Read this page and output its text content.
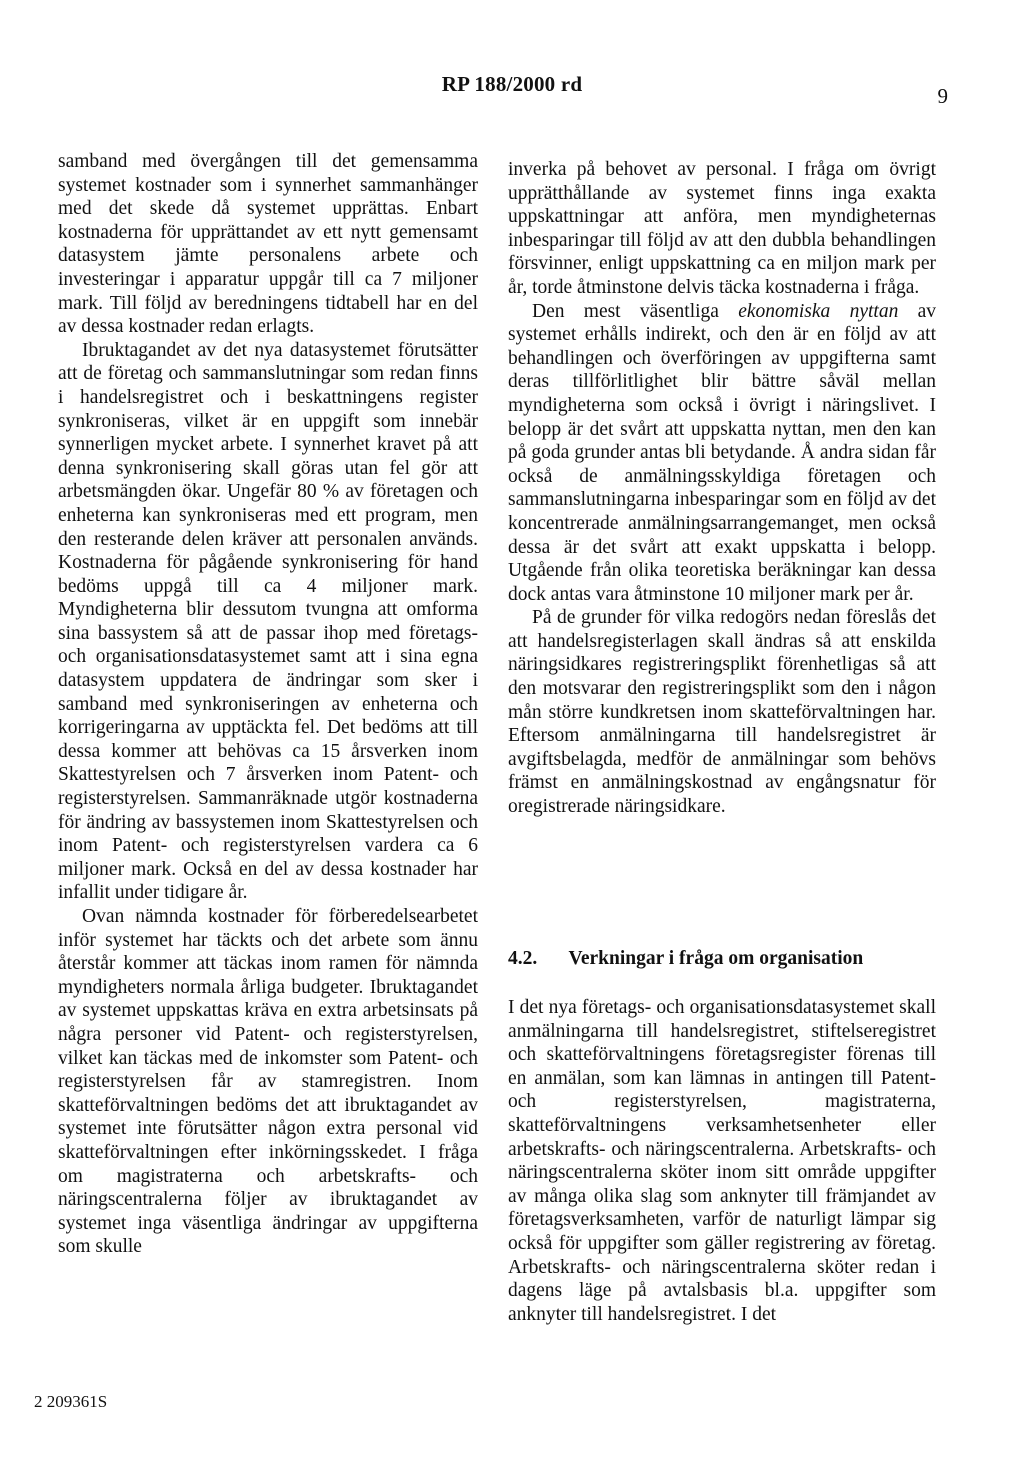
RP 188/2000 rd	9

samband med övergången till det gemensamma systemet kostnader som i synnerhet sammanhänger med det skede då systemet upprättas. Enbart kostnaderna för upprättandet av ett nytt gemensamt datasystem jämte personalens arbete och investeringar i apparatur uppgår till ca 7 miljoner mark. Till följd av beredningens tidtabell har en del av dessa kostnader redan erlagts.

Ibruktagandet av det nya datasystemet förutsätter att de företag och sammanslutningar som redan finns i handelsregistret och i beskattningens register synkroniseras, vilket är en uppgift som innebär synnerligen mycket arbete. I synnerhet kravet på att denna synkronisering skall göras utan fel gör att arbetsmängden ökar. Ungefär 80 % av företagen och enheterna kan synkroniseras med ett program, men den resterande delen kräver att personalen används. Kostnaderna för pågående synkronisering för hand bedöms uppgå till ca 4 miljoner mark. Myndigheterna blir dessutom tvungna att omforma sina bassystem så att de passar ihop med företags- och organisationsdatasystemet samt att i sina egna datasystem uppdatera de ändringar som sker i samband med synkroniseringen av enheterna och korrigeringarna av upptäckta fel. Det bedöms att till dessa kommer att behövas ca 15 årsverken inom Skattestyrelsen och 7 årsverken inom Patent- och registerstyrelsen. Sammanräknade utgör kostnaderna för ändring av bassystemen inom Skattestyrelsen och inom Patent- och registerstyrelsen vardera ca 6 miljoner mark. Också en del av dessa kostnader har infallit under tidigare år.

Ovan nämnda kostnader för förberedelsearbetet inför systemet har täckts och det arbete som ännu återstår kommer att täckas inom ramen för nämnda myndigheters normala årliga budgeter. Ibruktagandet av systemet uppskattas kräva en extra arbetsinsats på några personer vid Patent- och registerstyrelsen, vilket kan täckas med de inkomster som Patent- och registerstyrelsen får av stamregistren. Inom skatteförvaltningen bedöms det att ibruktagandet av systemet inte förutsätter någon extra personal vid skatteförvaltningen efter inkörningsskedet. I fråga om magistraterna och arbetskrafts- och näringscentralerna följer av ibruktagandet av systemet inga väsentliga ändringar av uppgifterna som skulle

inverka på behovet av personal. I fråga om övrigt upprätthållande av systemet finns inga exakta uppskattningar att anföra, men myndigheternas inbesparingar till följd av att den dubbla behandlingen försvinner, enligt uppskattning ca en miljon mark per år, torde åtminstone delvis täcka kostnaderna i fråga.

Den mest väsentliga ekonomiska nyttan av systemet erhålls indirekt, och den är en följd av att behandlingen och överföringen av uppgifterna samt deras tillförlitlighet blir bättre såväl mellan myndigheterna som också i övrigt i näringslivet. I belopp är det svårt att uppskatta nyttan, men den kan på goda grunder antas bli betydande. Å andra sidan får också de anmälningsskyldiga företagen och sammanslutningarna inbesparingar som en följd av det koncentrerade anmälningsarrangemanget, men också dessa är det svårt att exakt uppskatta i belopp. Utgående från olika teoretiska beräkningar kan dessa dock antas vara åtminstone 10 miljoner mark per år.

På de grunder för vilka redogörs nedan föreslås det att handelsregisterlagen skall ändras så att enskilda näringsidkares registreringsplikt förenhetligas så att den motsvarar den registreringsplikt som den i någon mån större kundkretsen inom skatteförvaltningen har. Eftersom anmälningarna till handelsregistret är avgiftsbelagda, medför de anmälningar som behövs främst en anmälningskostnad av engångsnatur för oregistrerade näringsidkare.

4.2. Verkningar i fråga om organisation

I det nya företags- och organisationsdatasystemet skall anmälningarna till handelsregistret, stiftelseregistret och skatteförvaltningens företagsregister förenas till en anmälan, som kan lämnas in antingen till Patent- och registerstyrelsen, magistraterna, skatteförvaltningens verksamhetsenheter eller arbetskrafts- och näringscentralerna. Arbetskrafts- och näringscentralerna sköter inom sitt område uppgifter av många olika slag som anknyter till främjandet av företagsverksamheten, varför de naturligt lämpar sig också för uppgifter som gäller registrering av företag. Arbetskrafts- och näringscentralerna sköter redan i dagens läge på avtalsbasis bl.a. uppgifter som anknyter till handelsregistret. I det

2 209361S
